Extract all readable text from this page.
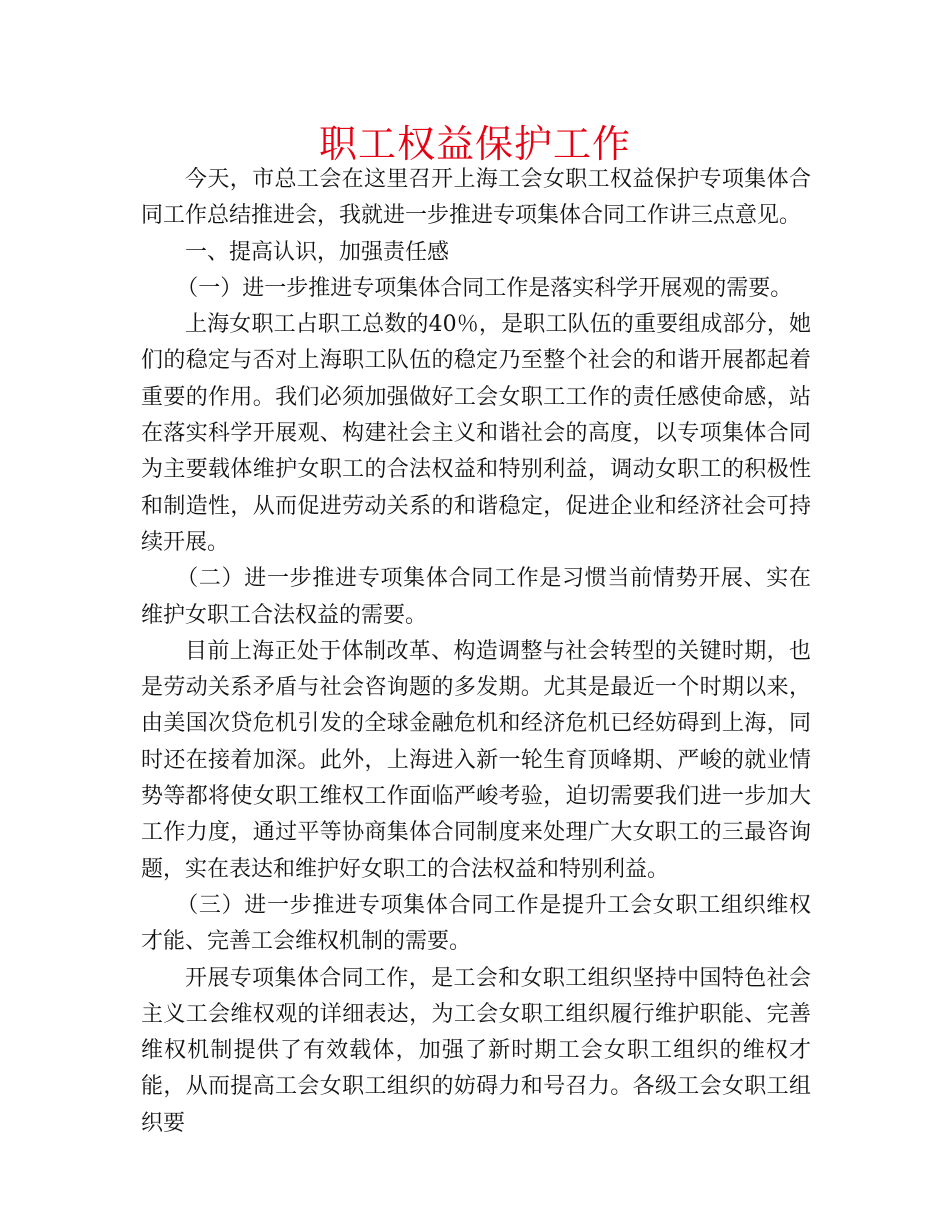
职工权益保护工作

今天，市总工会在这里召开上海工会女职工权益保护专项集体合同工作总结推进会，我就进一步推进专项集体合同工作讲三点意见。

一、提高认识，加强责任感

（一）进一步推进专项集体合同工作是落实科学开展观的需要。

上海女职工占职工总数的40％，是职工队伍的重要组成部分，她们的稳定与否对上海职工队伍的稳定乃至整个社会的和谐开展都起着重要的作用。我们必须加强做好工会女职工工作的责任感使命感，站在落实科学开展观、构建社会主义和谐社会的高度，以专项集体合同为主要载体维护女职工的合法权益和特别利益，调动女职工的积极性和制造性，从而促进劳动关系的和谐稳定，促进企业和经济社会可持续开展。

（二）进一步推进专项集体合同工作是习惯当前情势开展、实在维护女职工合法权益的需要。

目前上海正处于体制改革、构造调整与社会转型的关键时期，也是劳动关系矛盾与社会咨询题的多发期。尤其是最近一个时期以来，由美国次贷危机引发的全球金融危机和经济危机已经妨碍到上海，同时还在接着加深。此外，上海进入新一轮生育顶峰期、严峻的就业情势等都将使女职工维权工作面临严峻考验，迫切需要我们进一步加大工作力度，通过平等协商集体合同制度来处理广大女职工的三最咨询题，实在表达和维护好女职工的合法权益和特别利益。

（三）进一步推进专项集体合同工作是提升工会女职工组织维权才能、完善工会维权机制的需要。

开展专项集体合同工作，是工会和女职工组织坚持中国特色社会主义工会维权观的详细表达，为工会女职工组织履行维护职能、完善维权机制提供了有效载体，加强了新时期工会女职工组织的维权才能，从而提高工会女职工组织的妨碍力和号召力。各级工会女职工组织要
